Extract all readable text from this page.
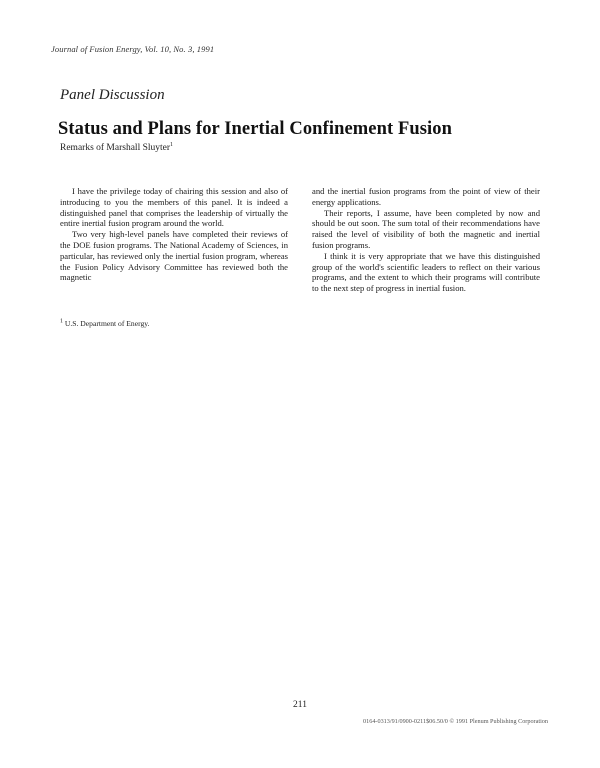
Journal of Fusion Energy, Vol. 10, No. 3, 1991
Panel Discussion
Status and Plans for Inertial Confinement Fusion
Remarks of Marshall Sluyter$^1$

I have the privilege today of chairing this session and also of introducing to you the members of this panel. It is indeed a distinguished panel that comprises the leadership of virtually the entire inertial fusion program around the world.

Two very high-level panels have completed their reviews of the DOE fusion programs. The National Academy of Sciences, in particular, has reviewed only the inertial fusion program, whereas the Fusion Policy Advisory Committee has reviewed both the magnetic

and the inertial fusion programs from the point of view of their energy applications.

Their reports, I assume, have been completed by now and should be out soon. The sum total of their recommendations have raised the level of visibility of both the magnetic and inertial fusion programs.

I think it is very appropriate that we have this distinguished group of the world's scientific leaders to reflect on their various programs, and the extent to which their programs will contribute to the next step of progress in inertial fusion.

$^1$ U.S. Department of Energy.
211
0164-0313/91/0900-0211$06.50/0 © 1991 Plenum Publishing Corporation
